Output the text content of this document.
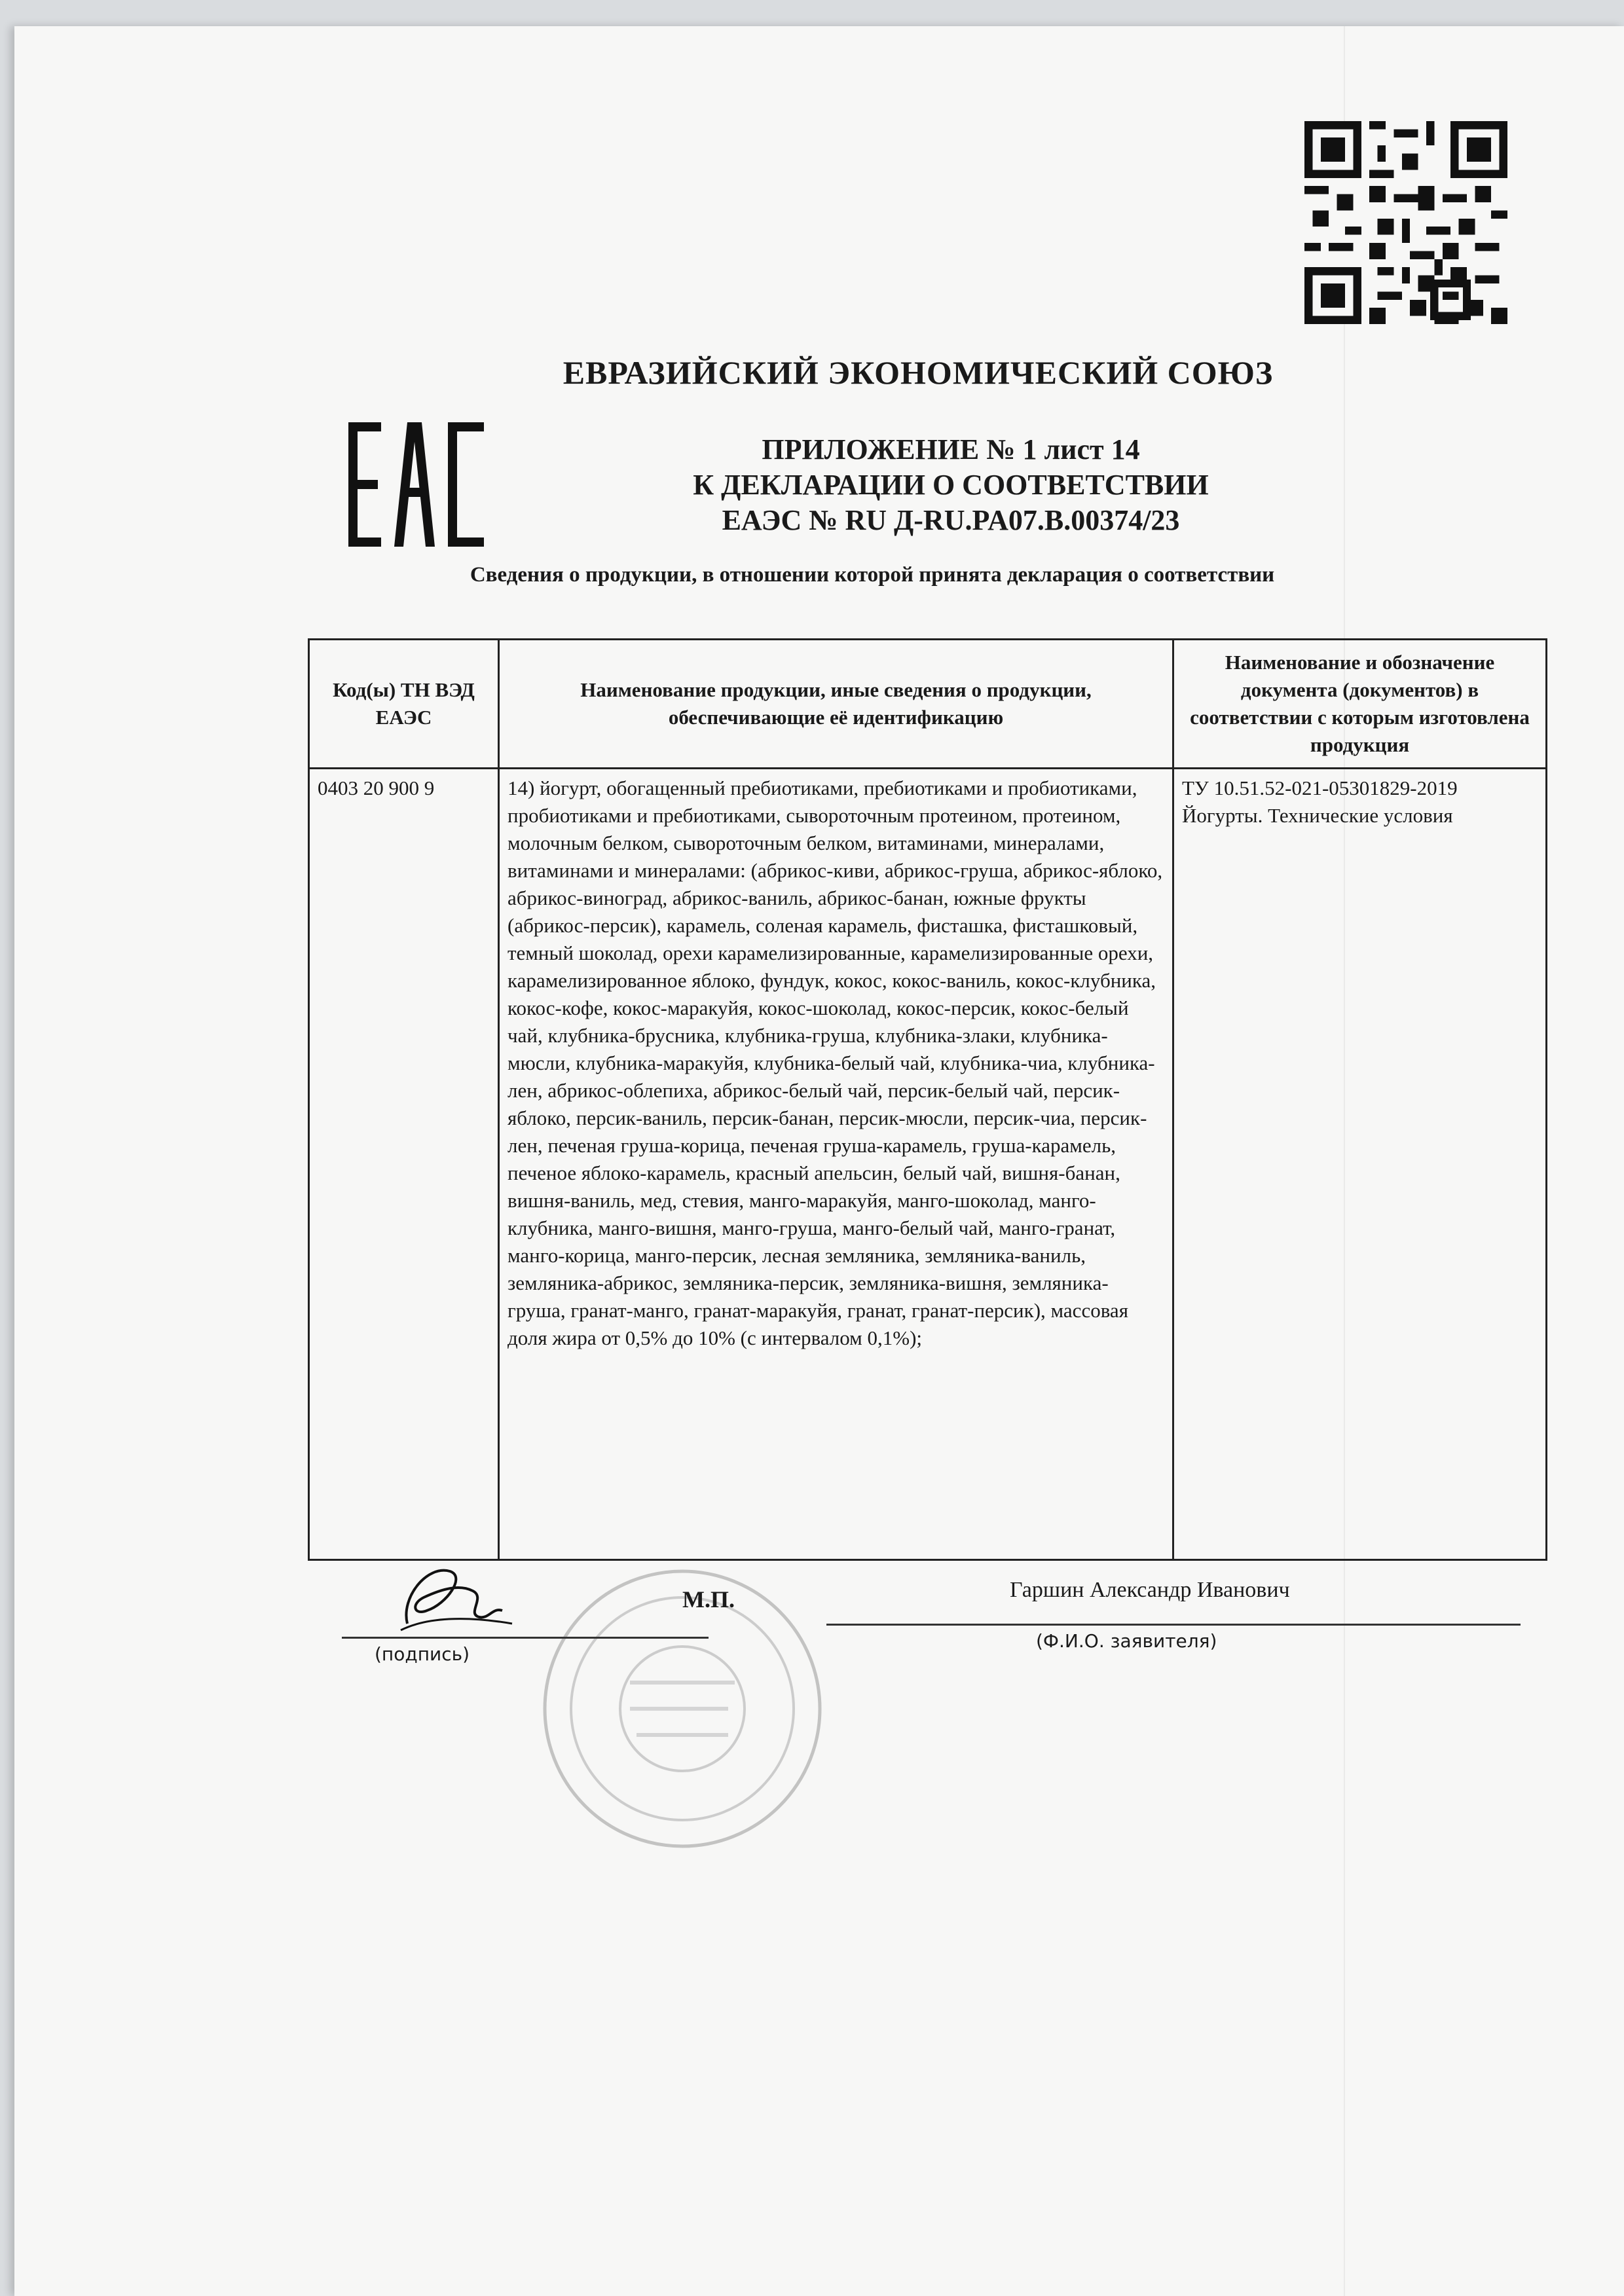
ЕВРАЗИЙСКИЙ ЭКОНОМИЧЕСКИЙ СОЮЗ
EAC
ПРИЛОЖЕНИЕ № 1 лист 14
К ДЕКЛАРАЦИИ О СООТВЕТСТВИИ
ЕАЭС № RU Д-RU.PA07.B.00374/23
Сведения о продукции, в отношении которой принята декларация о соответствии
Код(ы) ТН ВЭД ЕАЭС	Наименование продукции, иные сведения о продукции, обеспечивающие её идентификацию	Наименование и обозначение документа (документов) в соответствии с которым изготовлена продукция
0403 20 900 9	14) йогурт, обогащенный пребиотиками, пребиотиками и пробиотиками, пробиотиками и пребиотиками, сывороточным протеином, протеином, молочным белком, сывороточным белком, витаминами, минералами, витаминами и минералами: (абрикос-киви, абрикос-груша, абрикос-яблоко, абрикос-виноград, абрикос-ваниль, абрикос-банан, южные фрукты (абрикос-персик), карамель, соленая карамель, фисташка, фисташковый, темный шоколад, орехи карамелизированные, карамелизированные орехи, карамелизированное яблоко, фундук, кокос, кокос-ваниль, кокос-клубника, кокос-кофе, кокос-маракуйя, кокос-шоколад, кокос-персик, кокос-белый чай, клубника-брусника, клубника-груша, клубника-злаки, клубника-мюсли, клубника-маракуйя, клубника-белый чай, клубника-чиа, клубника-лен, абрикос-облепиха, абрикос-белый чай, персик-белый чай, персик-яблоко, персик-ваниль, персик-банан, персик-мюсли, персик-чиа, персик-лен, печеная груша-корица, печеная груша-карамель, груша-карамель, печеное яблоко-карамель, красный апельсин, белый чай, вишня-банан, вишня-ваниль, мед, стевия, манго-маракуйя, манго-шоколад, манго-клубника, манго-вишня, манго-груша, манго-белый чай, манго-гранат, манго-корица, манго-персик, лесная земляника, земляника-ваниль, земляника-абрикос, земляника-персик, земляника-вишня, земляника-груша, гранат-манго, гранат-маракуйя, гранат, гранат-персик), массовая доля жира от 0,5% до 10% (с интервалом 0,1%);	ТУ 10.51.52-021-05301829-2019
Йогурты. Технические условия
М.П.
(подпись)
Гаршин Александр Иванович
(Ф.И.О. заявителя)
